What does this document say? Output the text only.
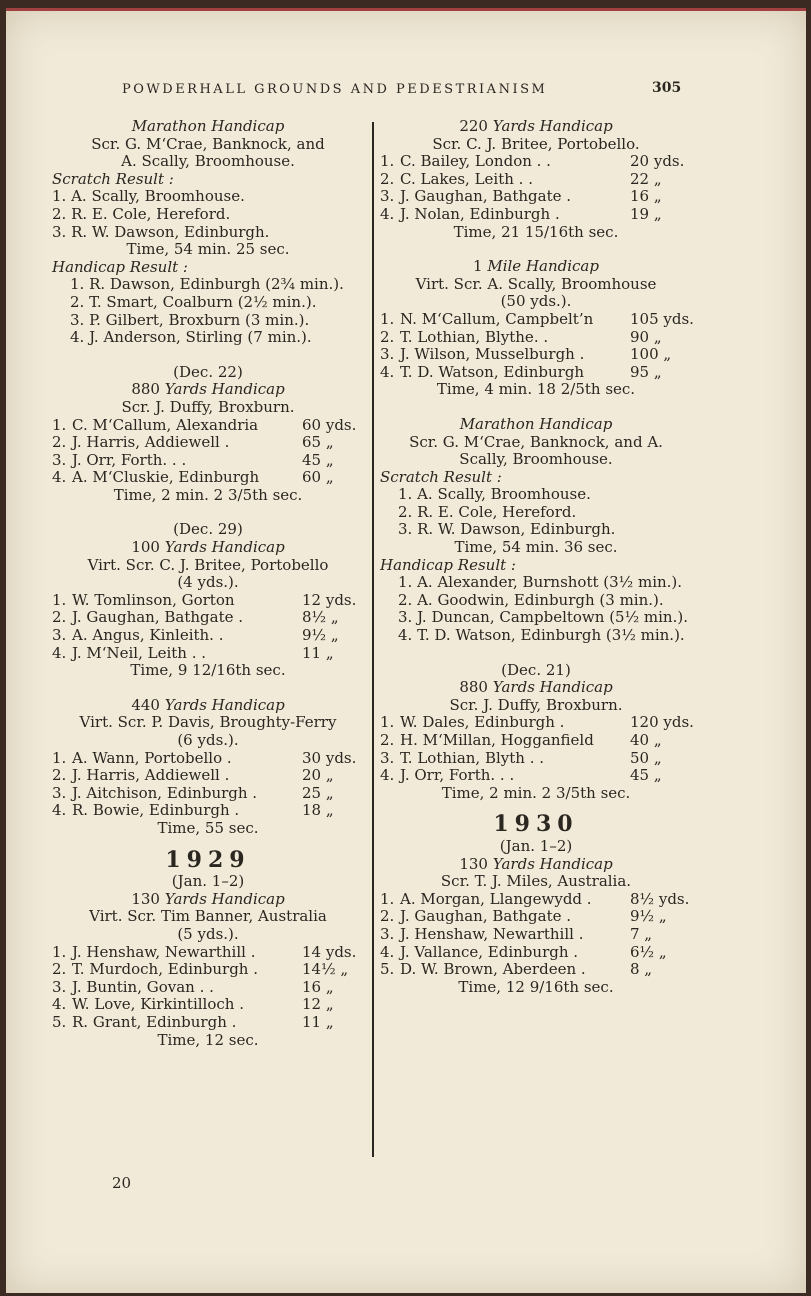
POWDERHALL GROUNDS AND PEDESTRIANISM	305
Marathon Handicap
Scr. G. M‘Crae, Banknock, and
A. Scally, Broomhouse.
Scratch Result :
1. A. Scally, Broomhouse.
2. R. E. Cole, Hereford.
3. R. W. Dawson, Edinburgh.
Time, 54 min. 25 sec.
Handicap Result :
1. R. Dawson, Edinburgh (2¾ min.).
2. T. Smart, Coalburn (2½ min.).
3. P. Gilbert, Broxburn (3 min.).
4. J. Anderson, Stirling (7 min.).
(Dec. 22)
880 Yards Handicap
Scr. J. Duffy, Broxburn.
1. C. M‘Callum, Alexandria	60 yds.
2. J. Harris, Addiewell .	65 „
3. J. Orr, Forth. . .	45 „
4. A. M‘Cluskie, Edinburgh	60 „
Time, 2 min. 2 3/5th sec.
(Dec. 29)
100 Yards Handicap
Virt. Scr. C. J. Britee, Portobello
(4 yds.).
1. W. Tomlinson, Gorton	12 yds.
2. J. Gaughan, Bathgate .	8½ „
3. A. Angus, Kinleith. .	9½ „
4. J. M‘Neil, Leith . .	11 „
Time, 9 12/16th sec.
440 Yards Handicap
Virt. Scr. P. Davis, Broughty-Ferry
(6 yds.).
1. A. Wann, Portobello .	30 yds.
2. J. Harris, Addiewell .	20 „
3. J. Aitchison, Edinburgh .	25 „
4. R. Bowie, Edinburgh .	18 „
Time, 55 sec.
1929
(Jan. 1–2)
130 Yards Handicap
Virt. Scr. Tim Banner, Australia
(5 yds.).
1. J. Henshaw, Newarthill .	14 yds.
2. T. Murdoch, Edinburgh .	14½ „
3. J. Buntin, Govan . .	16 „
4. W. Love, Kirkintilloch .	12 „
5. R. Grant, Edinburgh .	11 „
Time, 12 sec.
220 Yards Handicap
Scr. C. J. Britee, Portobello.
1. C. Bailey, London . .	20 yds.
2. C. Lakes, Leith . .	22 „
3. J. Gaughan, Bathgate .	16 „
4. J. Nolan, Edinburgh .	19 „
Time, 21 15/16th sec.
1 Mile Handicap
Virt. Scr. A. Scally, Broomhouse
(50 yds.).
1. N. M‘Callum, Campbelt’n	105 yds.
2. T. Lothian, Blythe. .	90 „
3. J. Wilson, Musselburgh .	100 „
4. T. D. Watson, Edinburgh	95 „
Time, 4 min. 18 2/5th sec.
Marathon Handicap
Scr. G. M‘Crae, Banknock, and A.
Scally, Broomhouse.
Scratch Result :
1. A. Scally, Broomhouse.
2. R. E. Cole, Hereford.
3. R. W. Dawson, Edinburgh.
Time, 54 min. 36 sec.
Handicap Result :
1. A. Alexander, Burnshott (3½ min.).
2. A. Goodwin, Edinburgh (3 min.).
3. J. Duncan, Campbeltown (5½ min.).
4. T. D. Watson, Edinburgh (3½ min.).
(Dec. 21)
880 Yards Handicap
Scr. J. Duffy, Broxburn.
1. W. Dales, Edinburgh .	120 yds.
2. H. M‘Millan, Hogganfield	40 „
3. T. Lothian, Blyth . .	50 „
4. J. Orr, Forth. . .	45 „
Time, 2 min. 2 3/5th sec.
1930
(Jan. 1–2)
130 Yards Handicap
Scr. T. J. Miles, Australia.
1. A. Morgan, Llangewydd .	8½ yds.
2. J. Gaughan, Bathgate .	9½ „
3. J. Henshaw, Newarthill .	7 „
4. J. Vallance, Edinburgh .	6½ „
5. D. W. Brown, Aberdeen .	8 „
Time, 12 9/16th sec.
20
